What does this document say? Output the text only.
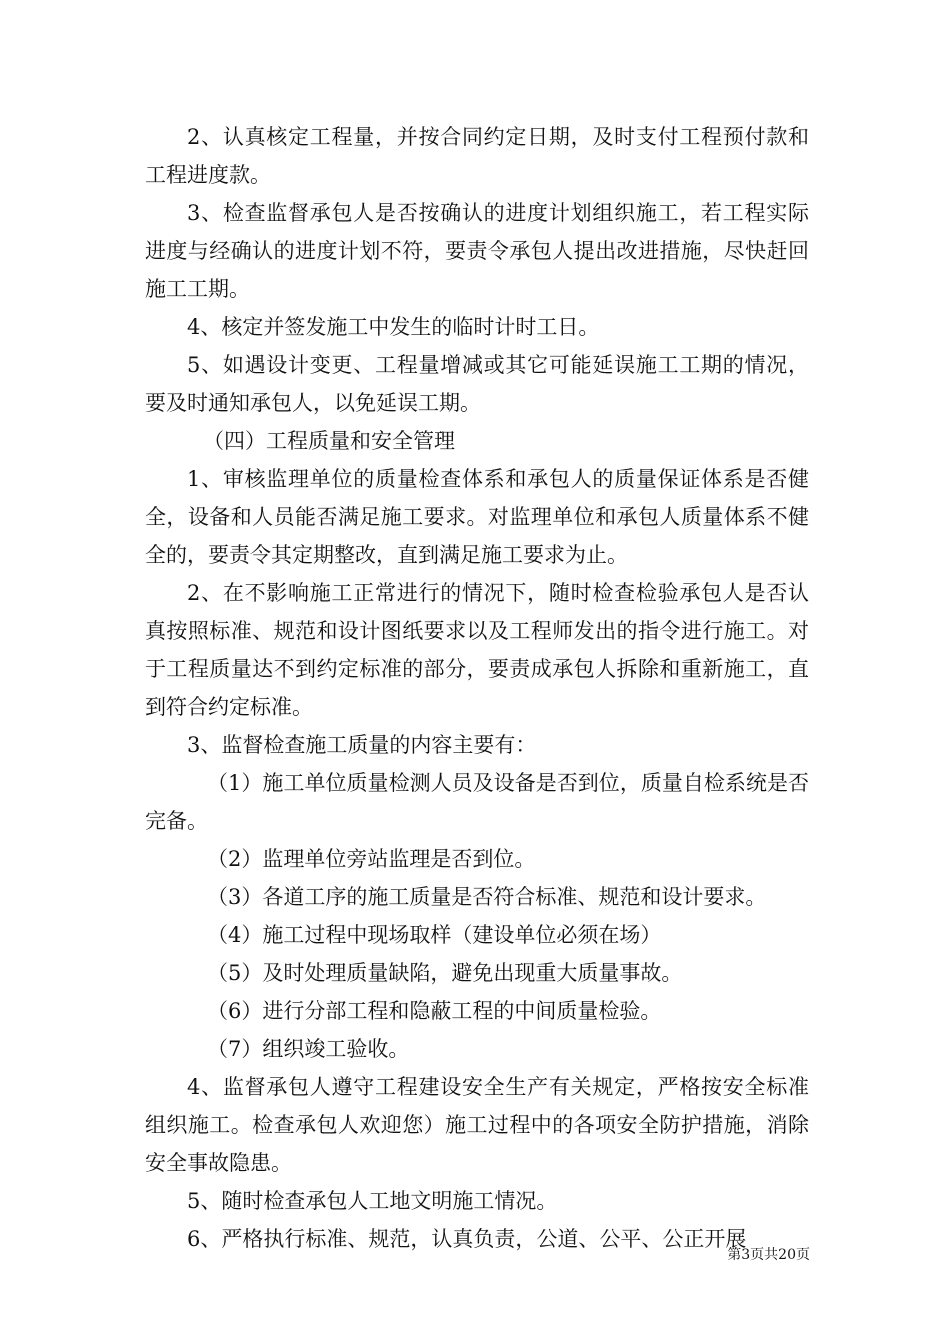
2、认真核定工程量，并按合同约定日期，及时支付工程预付款和工程进度款。

3、检查监督承包人是否按确认的进度计划组织施工，若工程实际进度与经确认的进度计划不符，要责令承包人提出改进措施，尽快赶回施工工期。

4、核定并签发施工中发生的临时计时工日。

5、如遇设计变更、工程量增减或其它可能延误施工工期的情况，要及时通知承包人，以免延误工期。

（四）工程质量和安全管理

1、审核监理单位的质量检查体系和承包人的质量保证体系是否健全，设备和人员能否满足施工要求。对监理单位和承包人质量体系不健全的，要责令其定期整改，直到满足施工要求为止。

2、在不影响施工正常进行的情况下，随时检查检验承包人是否认真按照标准、规范和设计图纸要求以及工程师发出的指令进行施工。对于工程质量达不到约定标准的部分，要责成承包人拆除和重新施工，直到符合约定标准。

3、监督检查施工质量的内容主要有：

（1）施工单位质量检测人员及设备是否到位，质量自检系统是否完备。

（2）监理单位旁站监理是否到位。

（3）各道工序的施工质量是否符合标准、规范和设计要求。

（4）施工过程中现场取样（建设单位必须在场）

（5）及时处理质量缺陷，避免出现重大质量事故。

（6）进行分部工程和隐蔽工程的中间质量检验。

（7）组织竣工验收。

4、监督承包人遵守工程建设安全生产有关规定，严格按安全标准组织施工。检查承包人欢迎您）施工过程中的各项安全防护措施，消除安全事故隐患。

5、随时检查承包人工地文明施工情况。

6、严格执行标准、规范，认真负责，公道、公平、公正开展

第3页共20页
